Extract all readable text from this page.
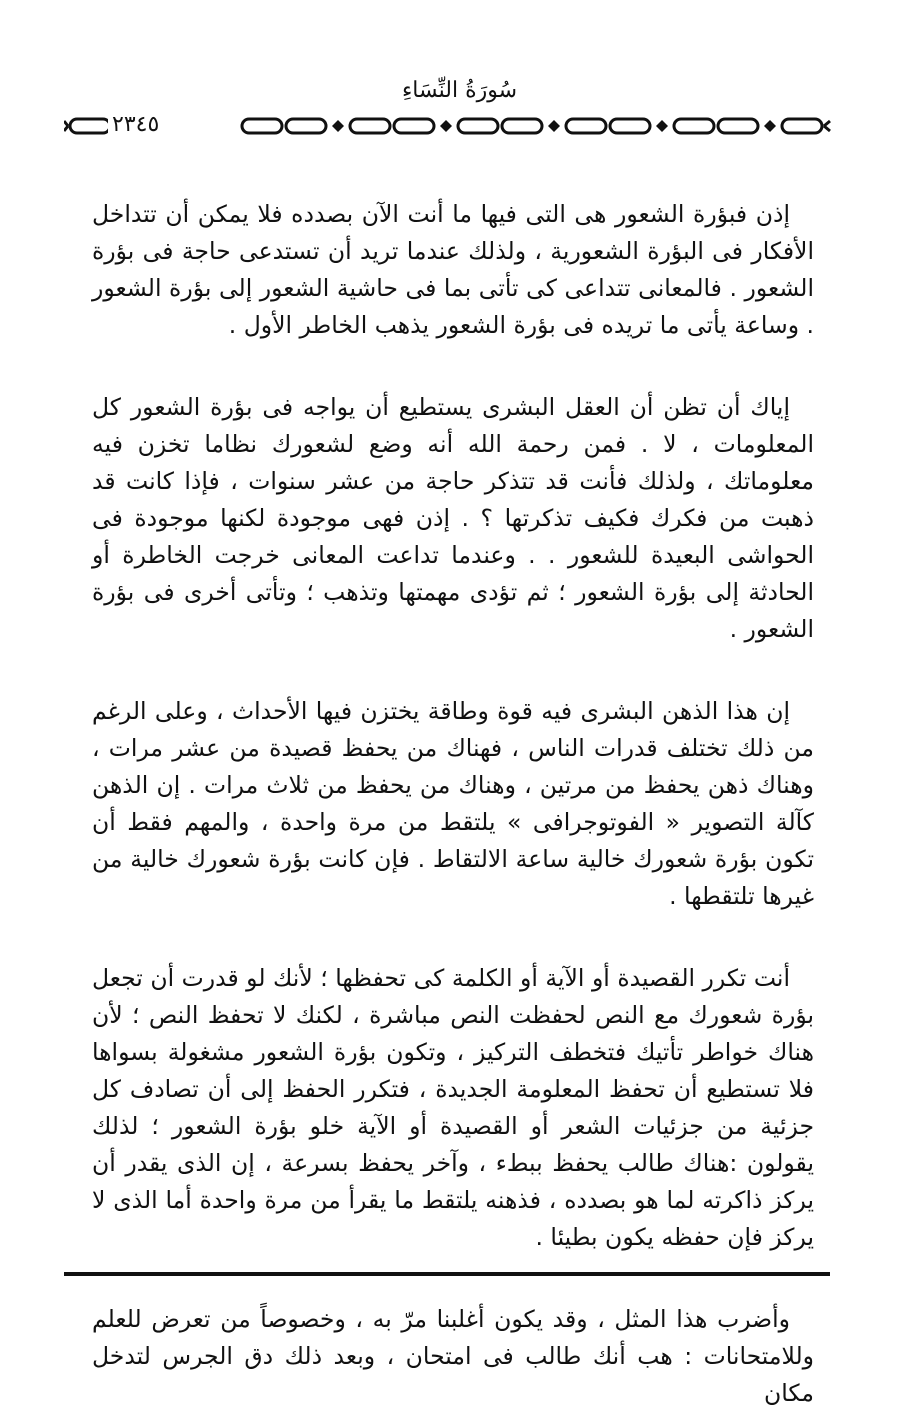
سُورَةُ النِّسَاءِ
٢٣٤٥

إذن فبؤرة الشعور هى التى فيها ما أنت الآن بصدده فلا يمكن أن تتداخل الأفكار فى البؤرة الشعورية ، ولذلك عندما تريد أن تستدعى حاجة فى بؤرة الشعور . فالمعانى تتداعى كى تأتى بما فى حاشية الشعور إلى بؤرة الشعور . وساعة يأتى ما تريده فى بؤرة الشعور يذهب الخاطر الأول .

إياك أن تظن أن العقل البشرى يستطيع أن يواجه فى بؤرة الشعور كل المعلومات ، لا . فمن رحمة الله أنه وضع لشعورك نظاما تخزن فيه معلوماتك ، ولذلك فأنت قد تتذكر حاجة من عشر سنوات ، فإذا كانت قد ذهبت من فكرك فكيف تذكرتها ؟ . إذن فهى موجودة لكنها موجودة فى الحواشى البعيدة للشعور . . وعندما تداعت المعانى خرجت الخاطرة أو الحادثة إلى بؤرة الشعور ؛ ثم تؤدى مهمتها وتذهب ؛ وتأتى أخرى فى بؤرة الشعور .

إن هذا الذهن البشرى فيه قوة وطاقة يختزن فيها الأحداث ، وعلى الرغم من ذلك تختلف قدرات الناس ، فهناك من يحفظ قصيدة من عشر مرات ، وهناك ذهن يحفظ من مرتين ، وهناك من يحفظ من ثلاث مرات . إن الذهن كآلة التصوير « الفوتوجرافى » يلتقط من مرة واحدة ، والمهم فقط أن تكون بؤرة شعورك خالية ساعة الالتقاط . فإن كانت بؤرة شعورك خالية من غيرها تلتقطها .

أنت تكرر القصيدة أو الآية أو الكلمة كى تحفظها ؛ لأنك لو قدرت أن تجعل بؤرة شعورك مع النص لحفظت النص مباشرة ، لكنك لا تحفظ النص ؛ لأن هناك خواطر تأتيك فتخطف التركيز ، وتكون بؤرة الشعور مشغولة بسواها فلا تستطيع أن تحفظ المعلومة الجديدة ، فتكرر الحفظ إلى أن تصادف كل جزئية من جزئيات الشعر أو القصيدة أو الآية خلو بؤرة الشعور ؛ لذلك يقولون :هناك طالب يحفظ ببطء ، وآخر يحفظ بسرعة ، إن الذى يقدر أن يركز ذاكرته لما هو بصدده ، فذهنه يلتقط ما يقرأ من مرة واحدة أما الذى لا يركز فإن حفظه يكون بطيئا .

وأضرب هذا المثل ، وقد يكون أغلبنا مرّ به ، وخصوصاً من تعرض للعلم وللامتحانات : هب أنك طالب فى امتحان ، وبعد ذلك دق الجرس لتدخل مكان
